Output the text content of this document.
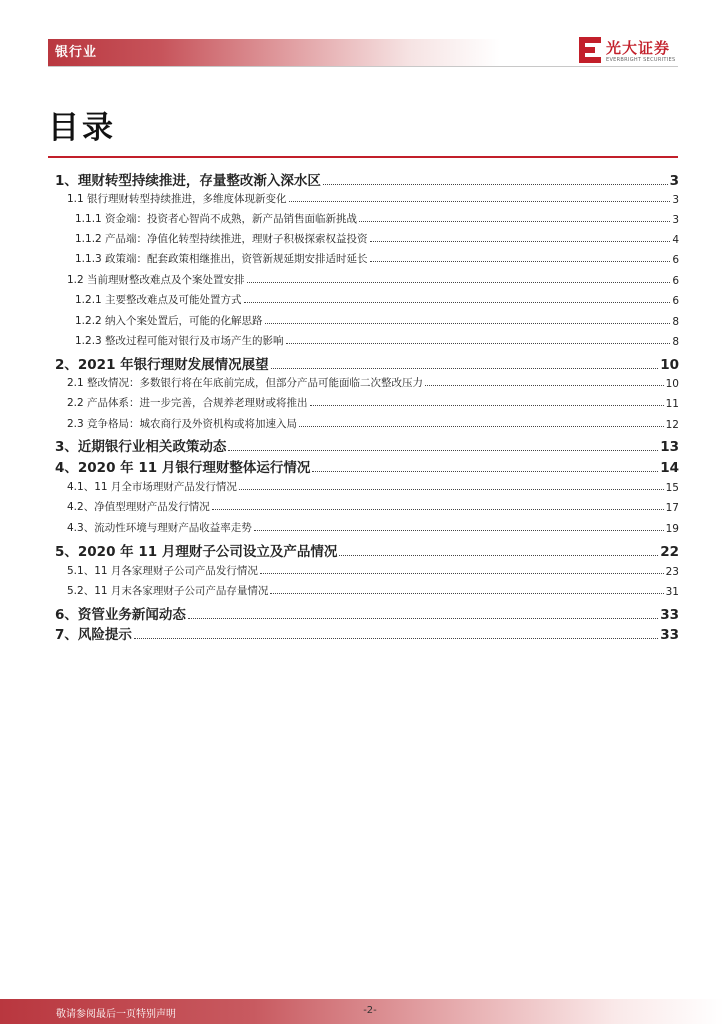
银行业	光大证券
EVERBRIGHT SECURITIES
目录
1、理财转型持续推进，存量整改渐入深水区	3
1.1 银行理财转型持续推进，多维度体现新变化	3
1.1.1 资金端：投资者心智尚不成熟，新产品销售面临新挑战	3
1.1.2 产品端：净值化转型持续推进，理财子积极探索权益投资	4
1.1.3 政策端：配套政策相继推出，资管新规延期安排适时延长	6
1.2 当前理财整改难点及个案处置安排	6
1.2.1 主要整改难点及可能处置方式	6
1.2.2 纳入个案处置后，可能的化解思路	8
1.2.3 整改过程可能对银行及市场产生的影响	8
2、2021 年银行理财发展情况展望	10
2.1 整改情况：多数银行将在年底前完成，但部分产品可能面临二次整改压力	10
2.2 产品体系：进一步完善，合规养老理财或将推出	11
2.3 竞争格局：城农商行及外资机构或将加速入局	12
3、近期银行业相关政策动态	13
4、2020 年 11 月银行理财整体运行情况	14
4.1、11 月全市场理财产品发行情况	15
4.2、净值型理财产品发行情况	17
4.3、流动性环境与理财产品收益率走势	19
5、2020 年 11 月理财子公司设立及产品情况	22
5.1、11 月各家理财子公司产品发行情况	23
5.2、11 月末各家理财子公司产品存量情况	31
6、资管业务新闻动态	33
7、风险提示	33
敬请参阅最后一页特别声明	-2-
